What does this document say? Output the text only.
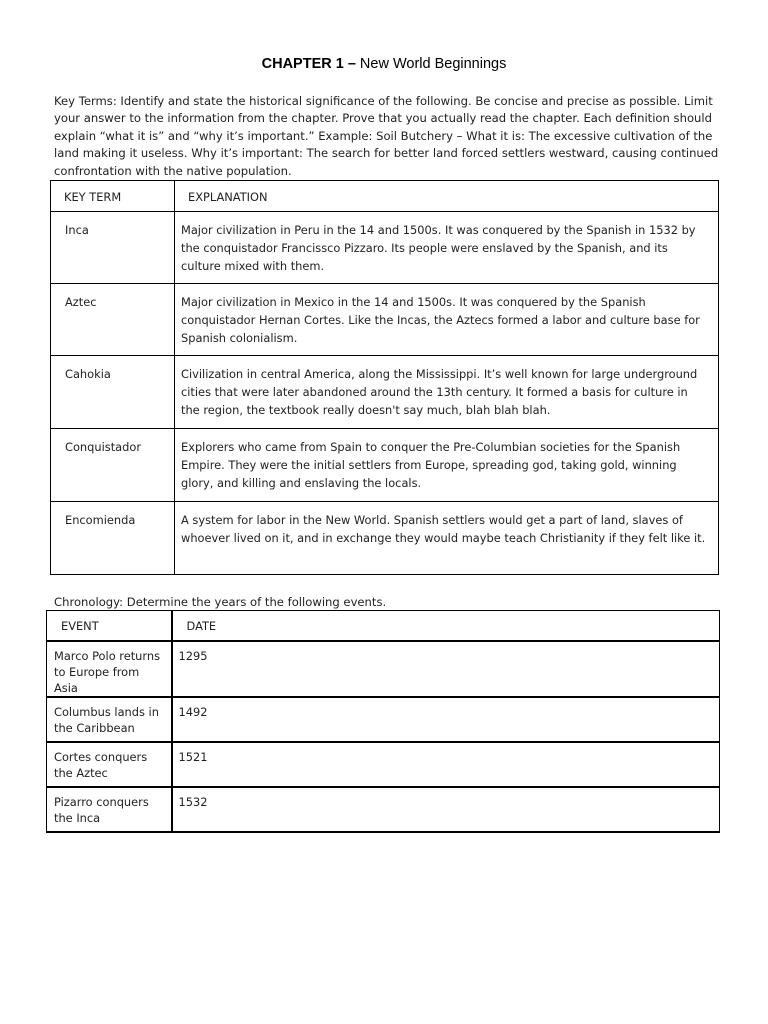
CHAPTER 1 – New World Beginnings

Key Terms: Identify and state the historical significance of the following. Be concise and precise as possible. Limit your answer to the information from the chapter. Prove that you actually read the chapter. Each definition should explain “what it is” and “why it’s important.” Example: Soil Butchery – What it is: The excessive cultivation of the land making it useless. Why it’s important: The search for better land forced settlers westward, causing continued confrontation with the native population.

KEY TERM	EXPLANATION
Inca	Major civilization in Peru in the 14 and 1500s. It was conquered by the Spanish in 1532 by the conquistador Francissco Pizzaro. Its people were enslaved by the Spanish, and its culture mixed with them.
Aztec	Major civilization in Mexico in the 14 and 1500s. It was conquered by the Spanish conquistador Hernan Cortes. Like the Incas, the Aztecs formed a labor and culture base for Spanish colonialism.
Cahokia	Civilization in central America, along the Mississippi. It’s well known for large underground cities that were later abandoned around the 13th century. It formed a basis for culture in the region, the textbook really doesn't say much, blah blah blah.
Conquistador	Explorers who came from Spain to conquer the Pre-Columbian societies for the Spanish Empire. They were the initial settlers from Europe, spreading god, taking gold, winning glory, and killing and enslaving the locals.
Encomienda	A system for labor in the New World. Spanish settlers would get a part of land, slaves of whoever lived on it, and in exchange they would maybe teach Christianity if they felt like it.
Chronology: Determine the years of the following events.
EVENT	DATE
Marco Polo returns to Europe from Asia	1295
Columbus lands in the Caribbean	1492
Cortes conquers the Aztec	1521
Pizarro conquers the Inca	1532
